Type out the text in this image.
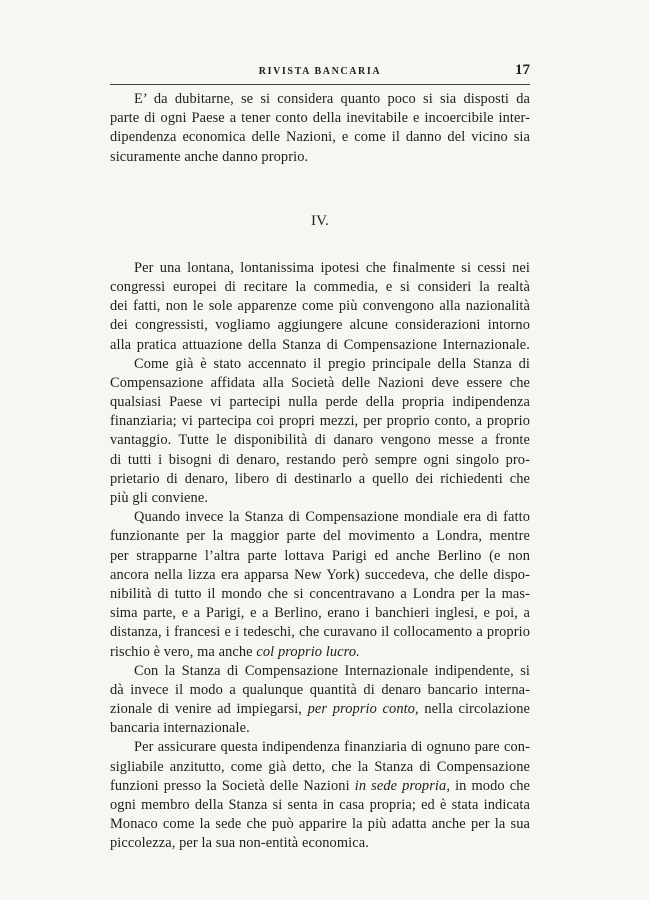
RIVISTA BANCARIA	17
E’ da dubitarne, se si considera quanto poco si sia disposti da
parte di ogni Paese a tener conto della inevitabile e incoercibile inter-
dipendenza economica delle Nazioni, e come il danno del vicino sia
sicuramente anche danno proprio.
IV.
Per una lontana, lontanissima ipotesi che finalmente si cessi nei
congressi europei di recitare la commedia, e si consideri la realtà
dei fatti, non le sole apparenze come più convengono alla nazionalità
dei congressisti, vogliamo aggiungere alcune considerazioni intorno
alla pratica attuazione della Stanza di Compensazione Internazionale.
Come già è stato accennato il pregio principale della Stanza di
Compensazione affidata alla Società delle Nazioni deve essere che
qualsiasi Paese vi partecipi nulla perde della propria indipendenza
finanziaria; vi partecipa coi propri mezzi, per proprio conto, a proprio
vantaggio. Tutte le disponibilità di danaro vengono messe a fronte
di tutti i bisogni di denaro, restando però sempre ogni singolo pro-
prietario di denaro, libero di destinarlo a quello dei richiedenti che
più gli conviene.
Quando invece la Stanza di Compensazione mondiale era di fatto
funzionante per la maggior parte del movimento a Londra, mentre
per strapparne l’altra parte lottava Parigi ed anche Berlino (e non
ancora nella lizza era apparsa New York) succedeva, che delle dispo-
nibilità di tutto il mondo che si concentravano a Londra per la mas-
sima parte, e a Parigi, e a Berlino, erano i banchieri inglesi, e poi, a
distanza, i francesi e i tedeschi, che curavano il collocamento a proprio
rischio è vero, ma anche col proprio lucro.
Con la Stanza di Compensazione Internazionale indipendente, si
dà invece il modo a qualunque quantità di denaro bancario interna-
zionale di venire ad impiegarsi, per proprio conto, nella circolazione
bancaria internazionale.
Per assicurare questa indipendenza finanziaria di ognuno pare con-
sigliabile anzitutto, come già detto, che la Stanza di Compensazione
funzioni presso la Società delle Nazioni in sede propria, in modo che
ogni membro della Stanza si senta in casa propria; ed è stata indicata
Monaco come la sede che può apparire la più adatta anche per la sua
piccolezza, per la sua non-entità economica.
